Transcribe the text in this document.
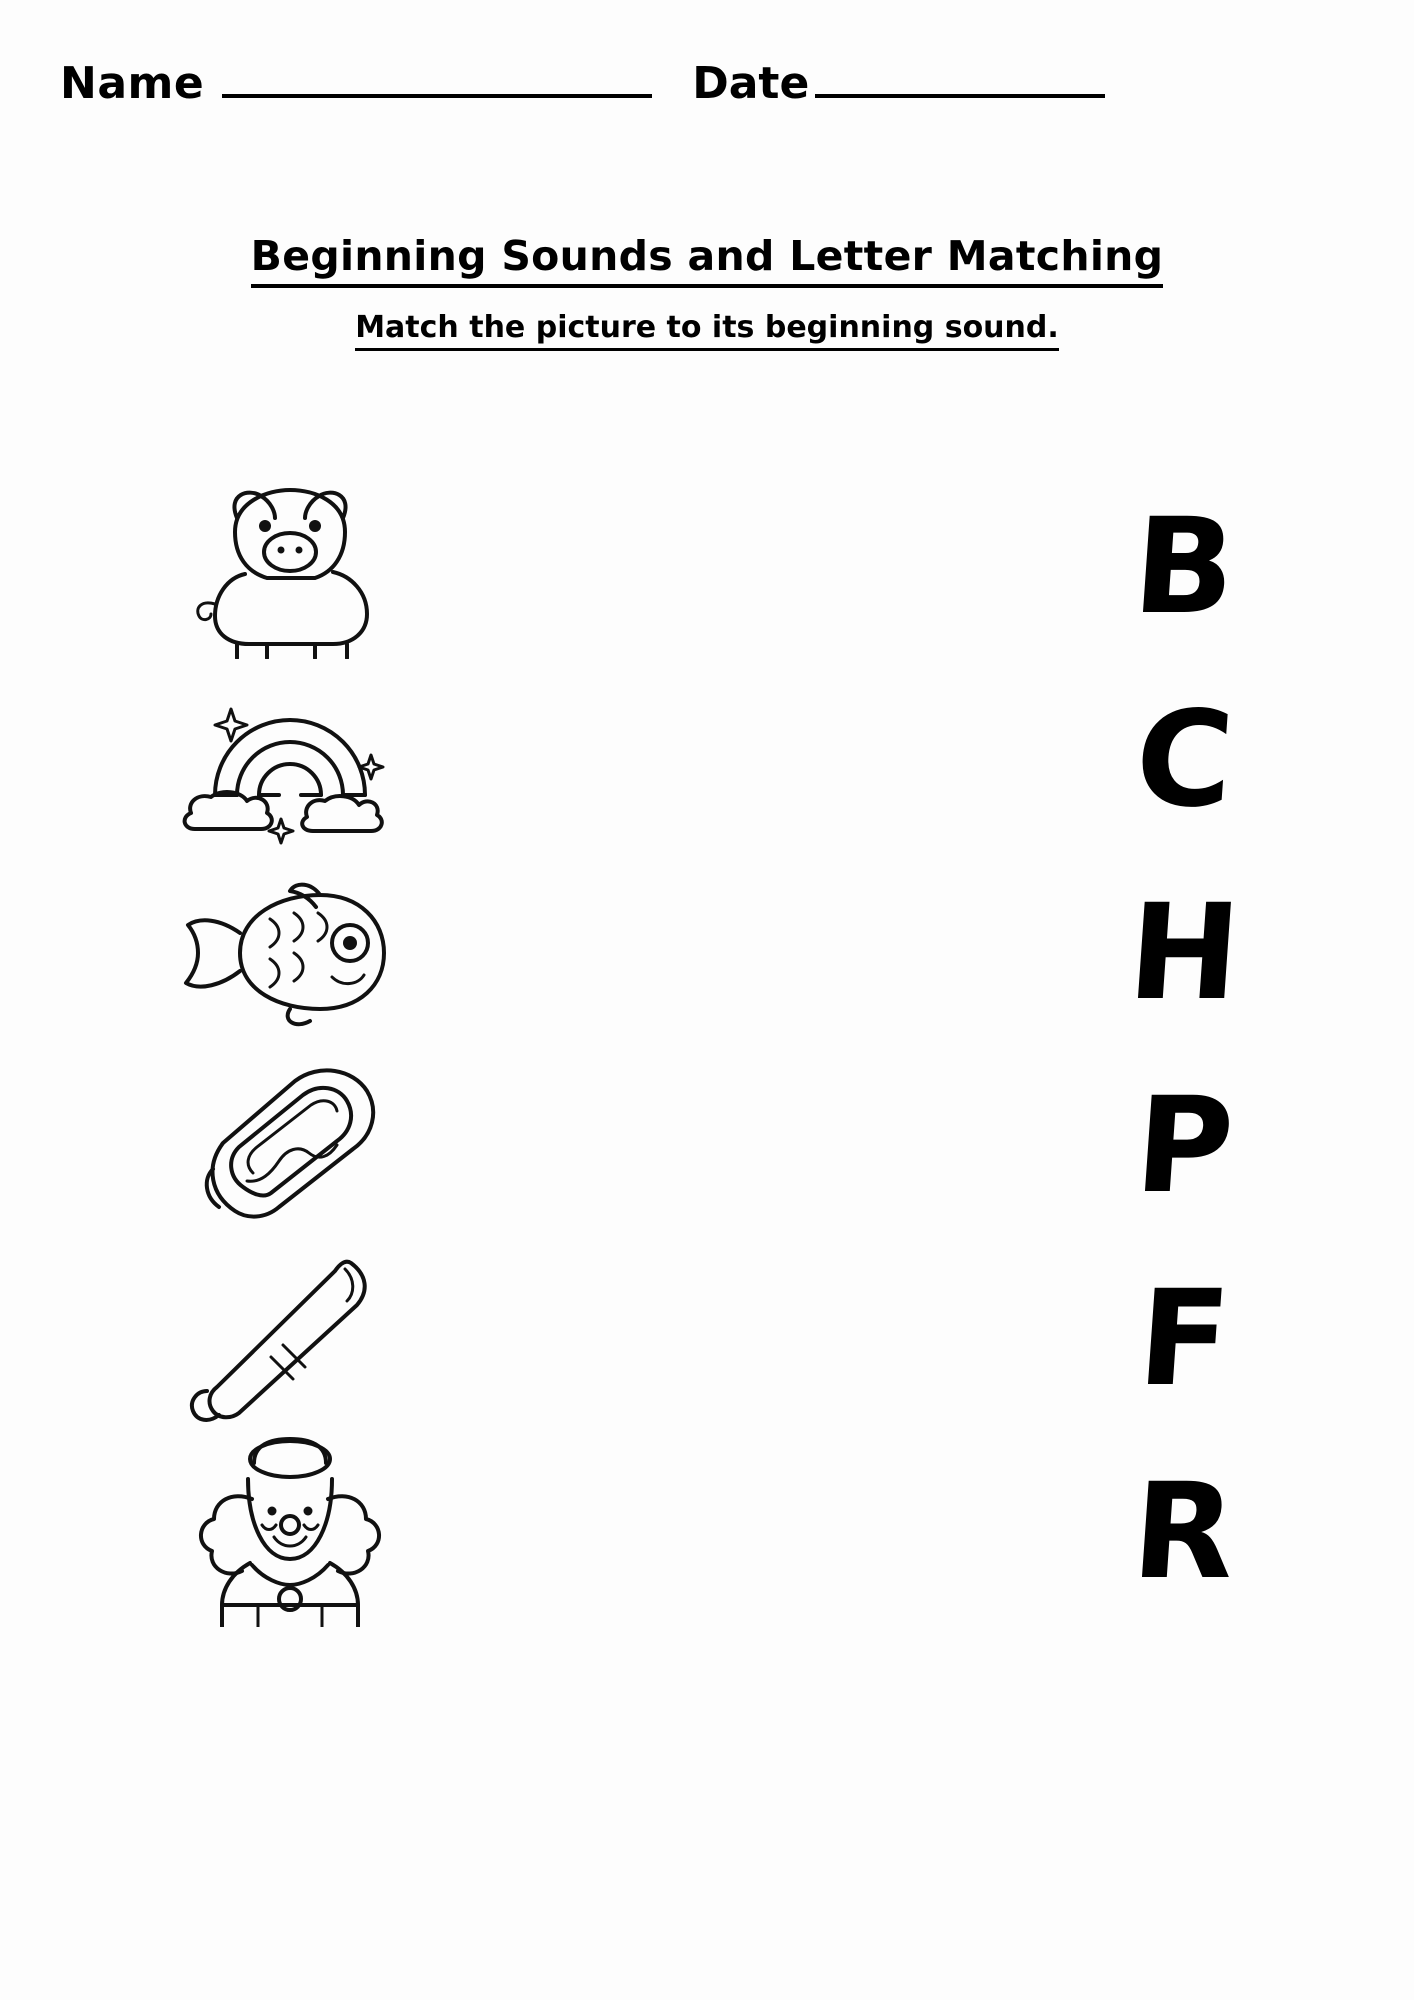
Name	Date
Beginning Sounds and Letter Matching
Match the picture to its beginning sound.
B
C
H
P
F
R
